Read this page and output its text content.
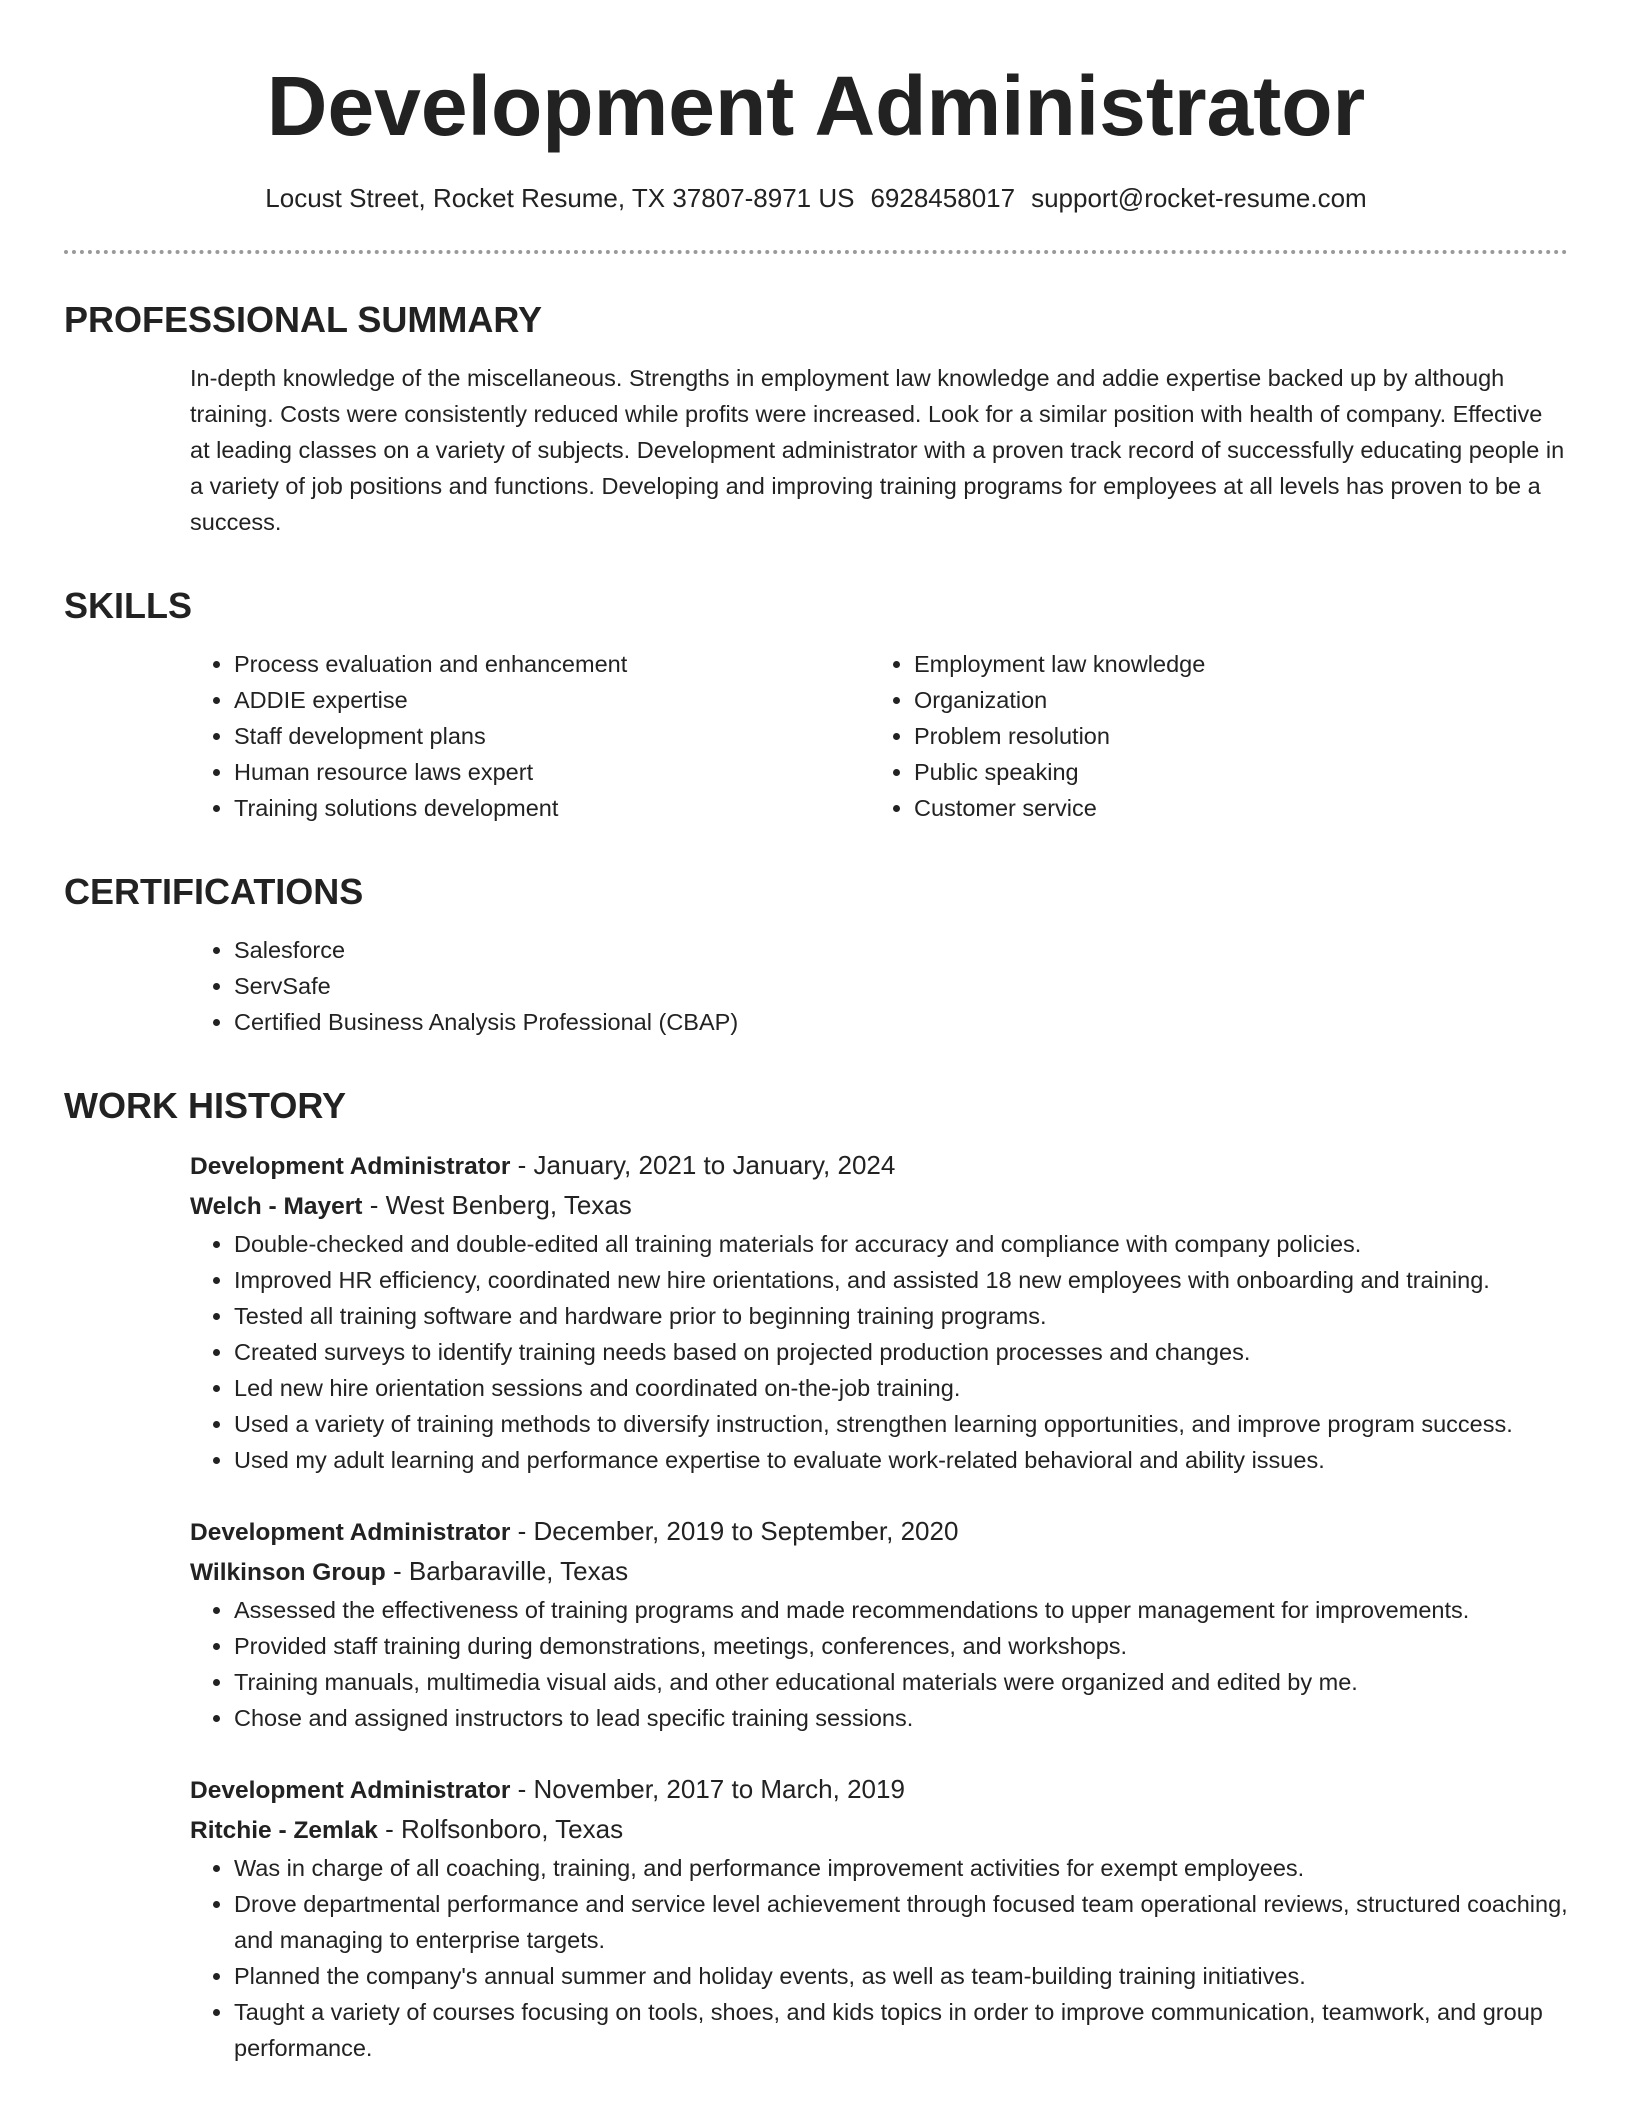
Development Administrator
Locust Street, Rocket Resume, TX 37807-8971 US 6928458017 support@rocket-resume.com
PROFESSIONAL SUMMARY
In-depth knowledge of the miscellaneous. Strengths in employment law knowledge and addie expertise backed up by although training. Costs were consistently reduced while profits were increased. Look for a similar position with health of company. Effective at leading classes on a variety of subjects. Development administrator with a proven track record of successfully educating people in a variety of job positions and functions. Developing and improving training programs for employees at all levels has proven to be a success.
SKILLS
• Process evaluation and enhancement
• ADDIE expertise
• Staff development plans
• Human resource laws expert
• Training solutions development
• Employment law knowledge
• Organization
• Problem resolution
• Public speaking
• Customer service
CERTIFICATIONS
• Salesforce
• ServSafe
• Certified Business Analysis Professional (CBAP)
WORK HISTORY
Development Administrator - January, 2021 to January, 2024
Welch - Mayert - West Benberg, Texas
• Double-checked and double-edited all training materials for accuracy and compliance with company policies.
• Improved HR efficiency, coordinated new hire orientations, and assisted 18 new employees with onboarding and training.
• Tested all training software and hardware prior to beginning training programs.
• Created surveys to identify training needs based on projected production processes and changes.
• Led new hire orientation sessions and coordinated on-the-job training.
• Used a variety of training methods to diversify instruction, strengthen learning opportunities, and improve program success.
• Used my adult learning and performance expertise to evaluate work-related behavioral and ability issues.
Development Administrator - December, 2019 to September, 2020
Wilkinson Group - Barbaraville, Texas
• Assessed the effectiveness of training programs and made recommendations to upper management for improvements.
• Provided staff training during demonstrations, meetings, conferences, and workshops.
• Training manuals, multimedia visual aids, and other educational materials were organized and edited by me.
• Chose and assigned instructors to lead specific training sessions.
Development Administrator - November, 2017 to March, 2019
Ritchie - Zemlak - Rolfsonboro, Texas
• Was in charge of all coaching, training, and performance improvement activities for exempt employees.
• Drove departmental performance and service level achievement through focused team operational reviews, structured coaching, and managing to enterprise targets.
• Planned the company's annual summer and holiday events, as well as team-building training initiatives.
• Taught a variety of courses focusing on tools, shoes, and kids topics in order to improve communication, teamwork, and group performance.
